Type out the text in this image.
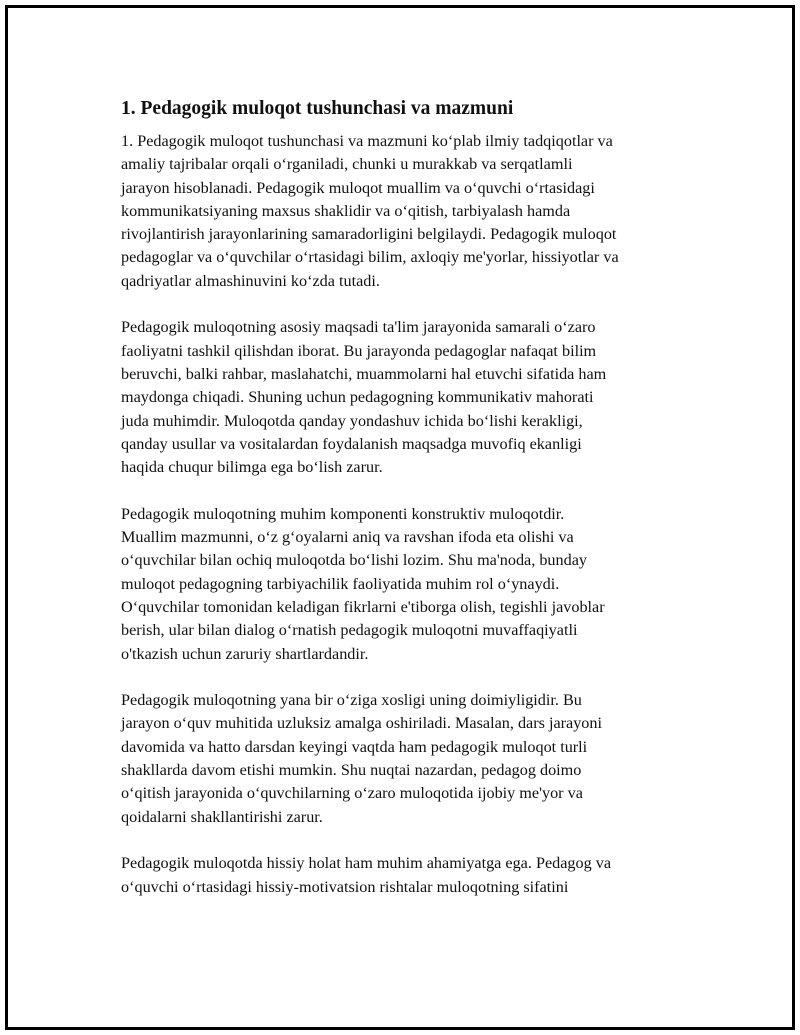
1. Pedagogik muloqot tushunchasi va mazmuni

1. Pedagogik muloqot tushunchasi va mazmuni koʻplab ilmiy tadqiqotlar va
amaliy tajribalar orqali oʻrganiladi, chunki u murakkab va serqatlamli
jarayon hisoblanadi. Pedagogik muloqot muallim va oʻquvchi oʻrtasidagi
kommunikatsiyaning maxsus shaklidir va oʻqitish, tarbiyalash hamda
rivojlantirish jarayonlarining samaradorligini belgilaydi. Pedagogik muloqot
pedagoglar va oʻquvchilar oʻrtasidagi bilim, axloqiy me'yorlar, hissiyotlar va
qadriyatlar almashinuvini koʻzda tutadi.

Pedagogik muloqotning asosiy maqsadi ta'lim jarayonida samarali oʻzaro
faoliyatni tashkil qilishdan iborat. Bu jarayonda pedagoglar nafaqat bilim
beruvchi, balki rahbar, maslahatchi, muammolarni hal etuvchi sifatida ham
maydonga chiqadi. Shuning uchun pedagogning kommunikativ mahorati
juda muhimdir. Muloqotda qanday yondashuv ichida boʻlishi kerakligi,
qanday usullar va vositalardan foydalanish maqsadga muvofiq ekanligi
haqida chuqur bilimga ega boʻlish zarur.

Pedagogik muloqotning muhim komponenti konstruktiv muloqotdir.
Muallim mazmunni, oʻz gʻoyalarni aniq va ravshan ifoda eta olishi va
oʻquvchilar bilan ochiq muloqotda boʻlishi lozim. Shu ma'noda, bunday
muloqot pedagogning tarbiyachilik faoliyatida muhim rol oʻynaydi.
Oʻquvchilar tomonidan keladigan fikrlarni e'tiborga olish, tegishli javoblar
berish, ular bilan dialog oʻrnatish pedagogik muloqotni muvaffaqiyatli
o'tkazish uchun zaruriy shartlardandir.

Pedagogik muloqotning yana bir oʻziga xosligi uning doimiyligidir. Bu
jarayon oʻquv muhitida uzluksiz amalga oshiriladi. Masalan, dars jarayoni
davomida va hatto darsdan keyingi vaqtda ham pedagogik muloqot turli
shakllarda davom etishi mumkin. Shu nuqtai nazardan, pedagog doimo
oʻqitish jarayonida oʻquvchilarning oʻzaro muloqotida ijobiy me'yor va
qoidalarni shakllantirishi zarur.

Pedagogik muloqotda hissiy holat ham muhim ahamiyatga ega. Pedagog va
oʻquvchi oʻrtasidagi hissiy-motivatsion rishtalar muloqotning sifatini
